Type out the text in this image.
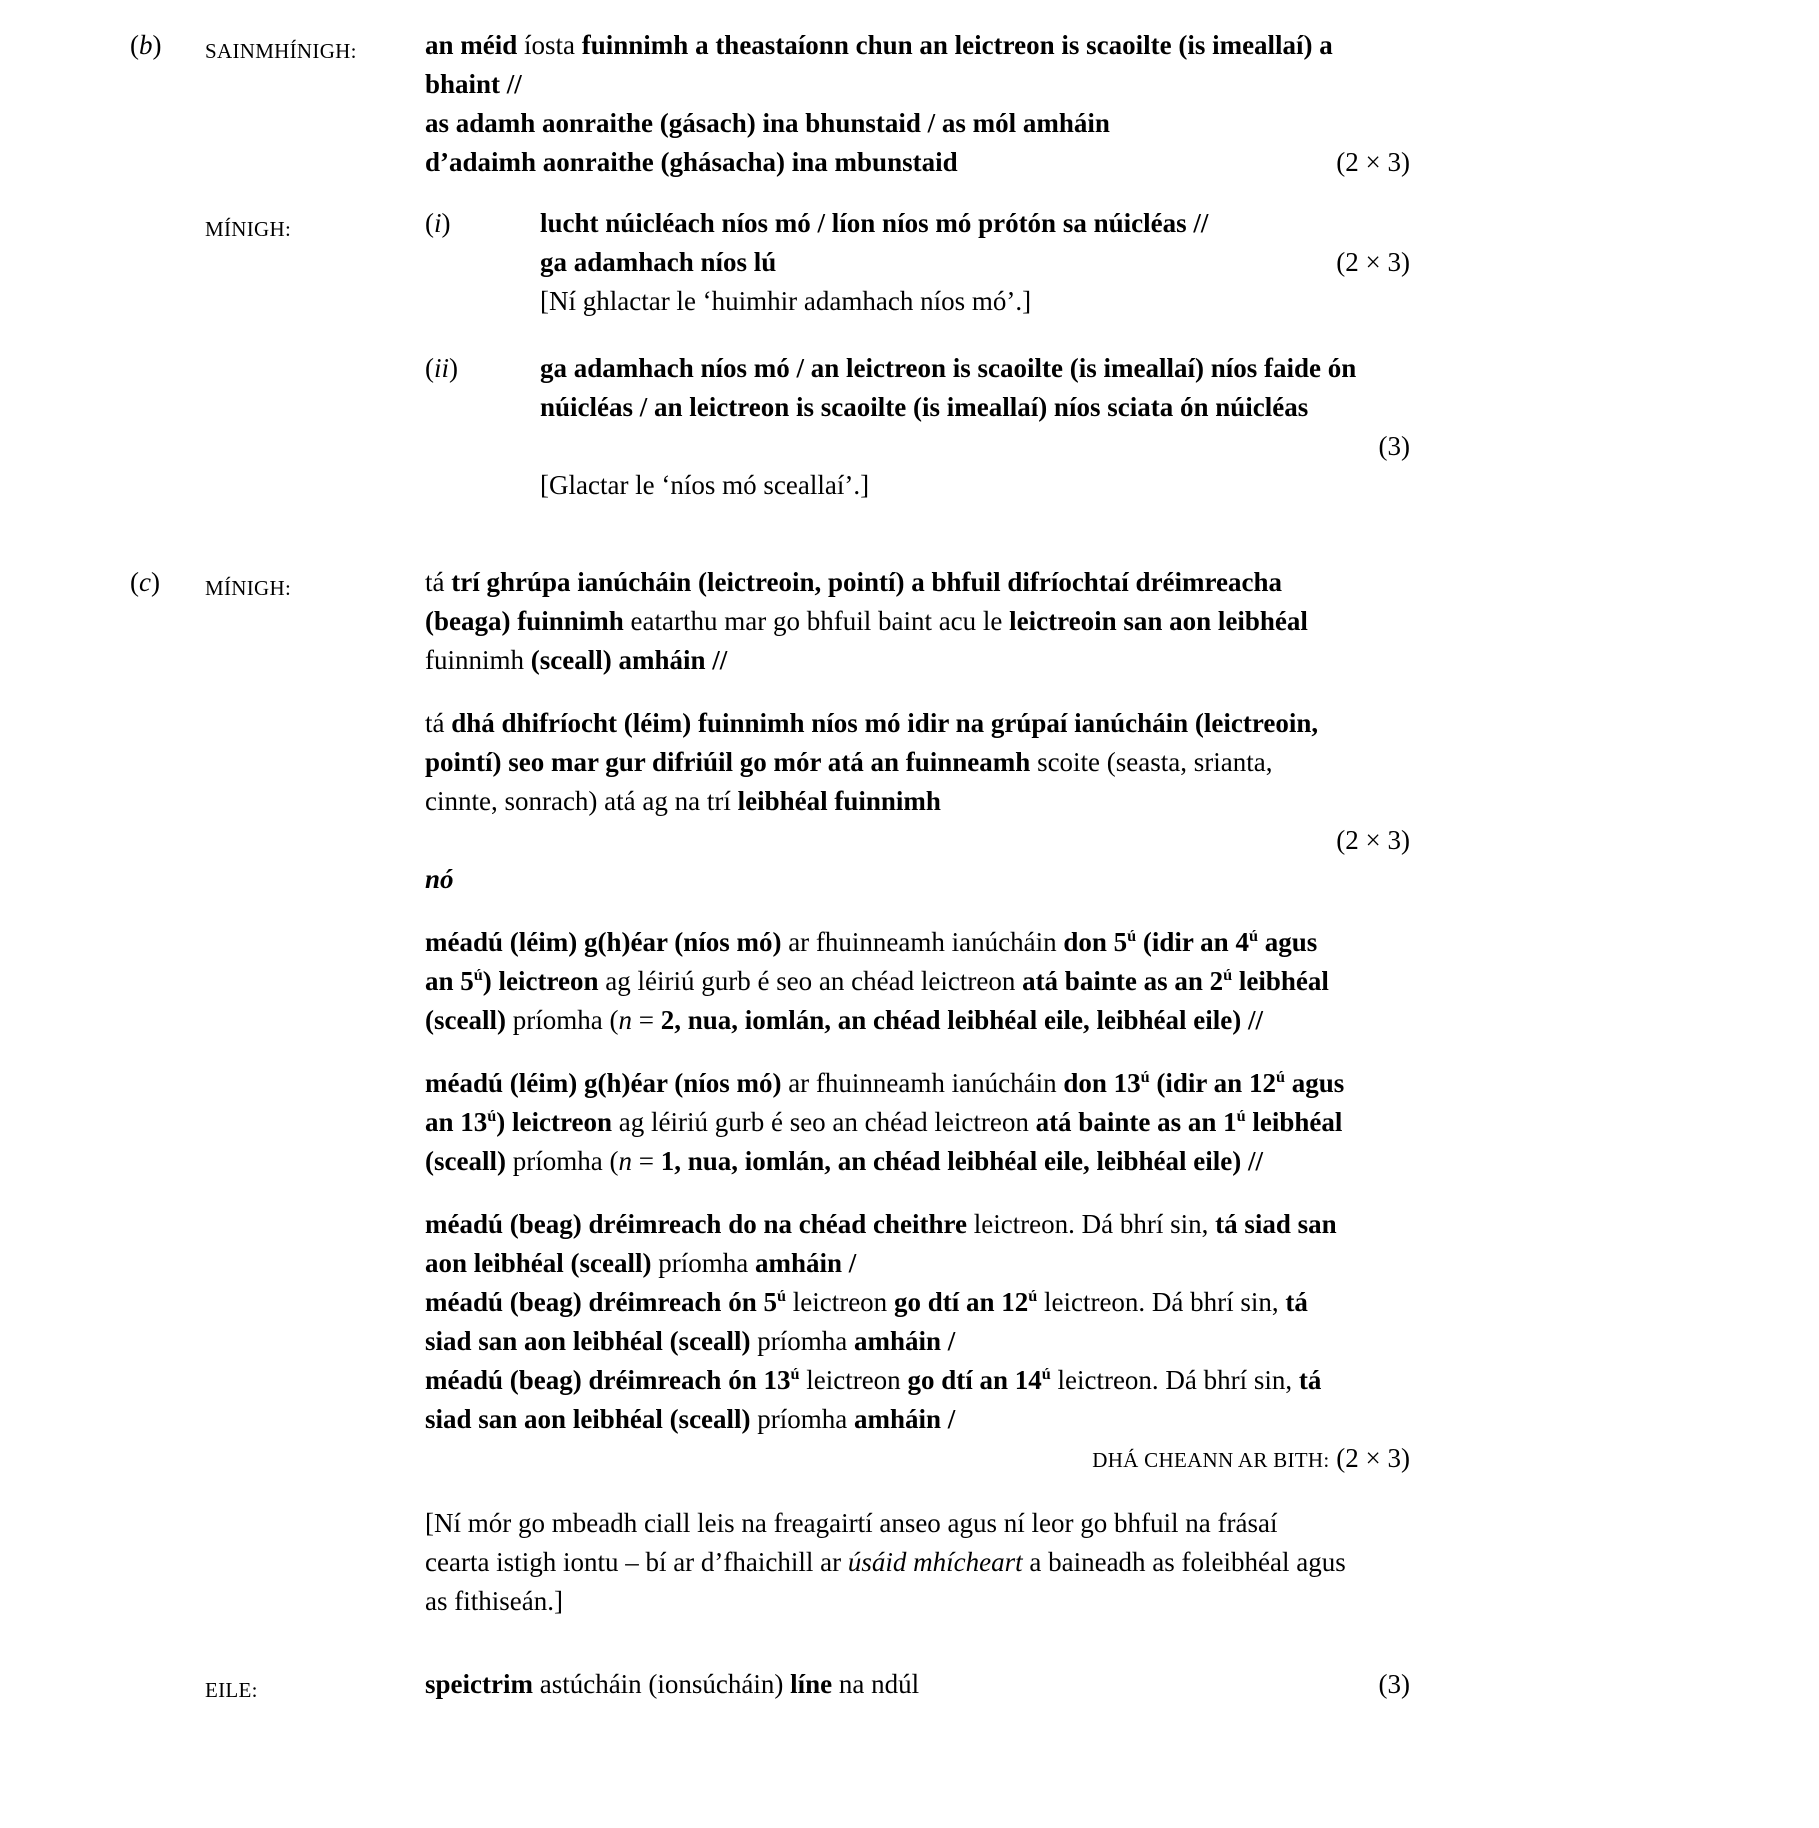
(b)	SAINMHÍNIGH:	an méid íosta fuinnimh a theastaíonn chun an leictreon is scaoilte (is imeallaí) a
bhaint //
as adamh aonraithe (gásach) ina bhunstaid / as mól amháin
d’adaimh aonraithe (ghásacha) ina mbunstaid	(2 × 3)
MÍNIGH:	(i)	lucht núicléach níos mó / líon níos mó prótón sa núicléas //
ga adamhach níos lú	(2 × 3)
[Ní ghlactar le ‘huimhir adamhach níos mó’.]
(ii)	ga adamhach níos mó / an leictreon is scaoilte (is imeallaí) níos faide ón
núicléas / an leictreon is scaoilte (is imeallaí) níos sciata ón núicléas
(3)
[Glactar le ‘níos mó sceallaí’.]
(c)	MÍNIGH:	tá trí ghrúpa ianúcháin (leictreoin, pointí) a bhfuil difríochtaí dréimreacha
(beaga) fuinnimh eatarthu mar go bhfuil baint acu le leictreoin san aon leibhéal
fuinnimh (sceall) amháin //
tá dhá dhifríocht (léim) fuinnimh níos mó idir na grúpaí ianúcháin (leictreoin,
pointí) seo mar gur difriúil go mór atá an fuinneamh scoite (seasta, srianta,
cinnte, sonrach) atá ag na trí leibhéal fuinnimh
(2 × 3)
nó
méadú (léim) g(h)éar (níos mó) ar fhuinneamh ianúcháin don $5^ú$ (idir an $4^ú$ agus
an $5^ú$) leictreon ag léiriú gurb é seo an chéad leictreon atá bainte as an $2^ú$ leibhéal
(sceall) príomha (n = 2, nua, iomlán, an chéad leibhéal eile, leibhéal eile) //
méadú (léim) g(h)éar (níos mó) ar fhuinneamh ianúcháin don $13^ú$ (idir an $12^ú$ agus
an $13^ú$) leictreon ag léiriú gurb é seo an chéad leictreon atá bainte as an $1^ú$ leibhéal
(sceall) príomha (n = 1, nua, iomlán, an chéad leibhéal eile, leibhéal eile) //
méadú (beag) dréimreach do na chéad cheithre leictreon. Dá bhrí sin, tá siad san
aon leibhéal (sceall) príomha amháin /
méadú (beag) dréimreach ón $5^ú$ leictreon go dtí an $12^ú$ leictreon. Dá bhrí sin, tá
siad san aon leibhéal (sceall) príomha amháin /
méadú (beag) dréimreach ón $13^ú$ leictreon go dtí an $14^ú$ leictreon. Dá bhrí sin, tá
siad san aon leibhéal (sceall) príomha amháin /
DHÁ CHEANN AR BITH: (2 × 3)
[Ní mór go mbeadh ciall leis na freagairtí anseo agus ní leor go bhfuil na frásaí
cearta istigh iontu – bí ar d’fhaichill ar úsáid mhícheart a baineadh as foleibhéal agus
as fithiseán.]
EILE:	speictrim astúcháin (ionsúcháin) líne na ndúl	(3)
